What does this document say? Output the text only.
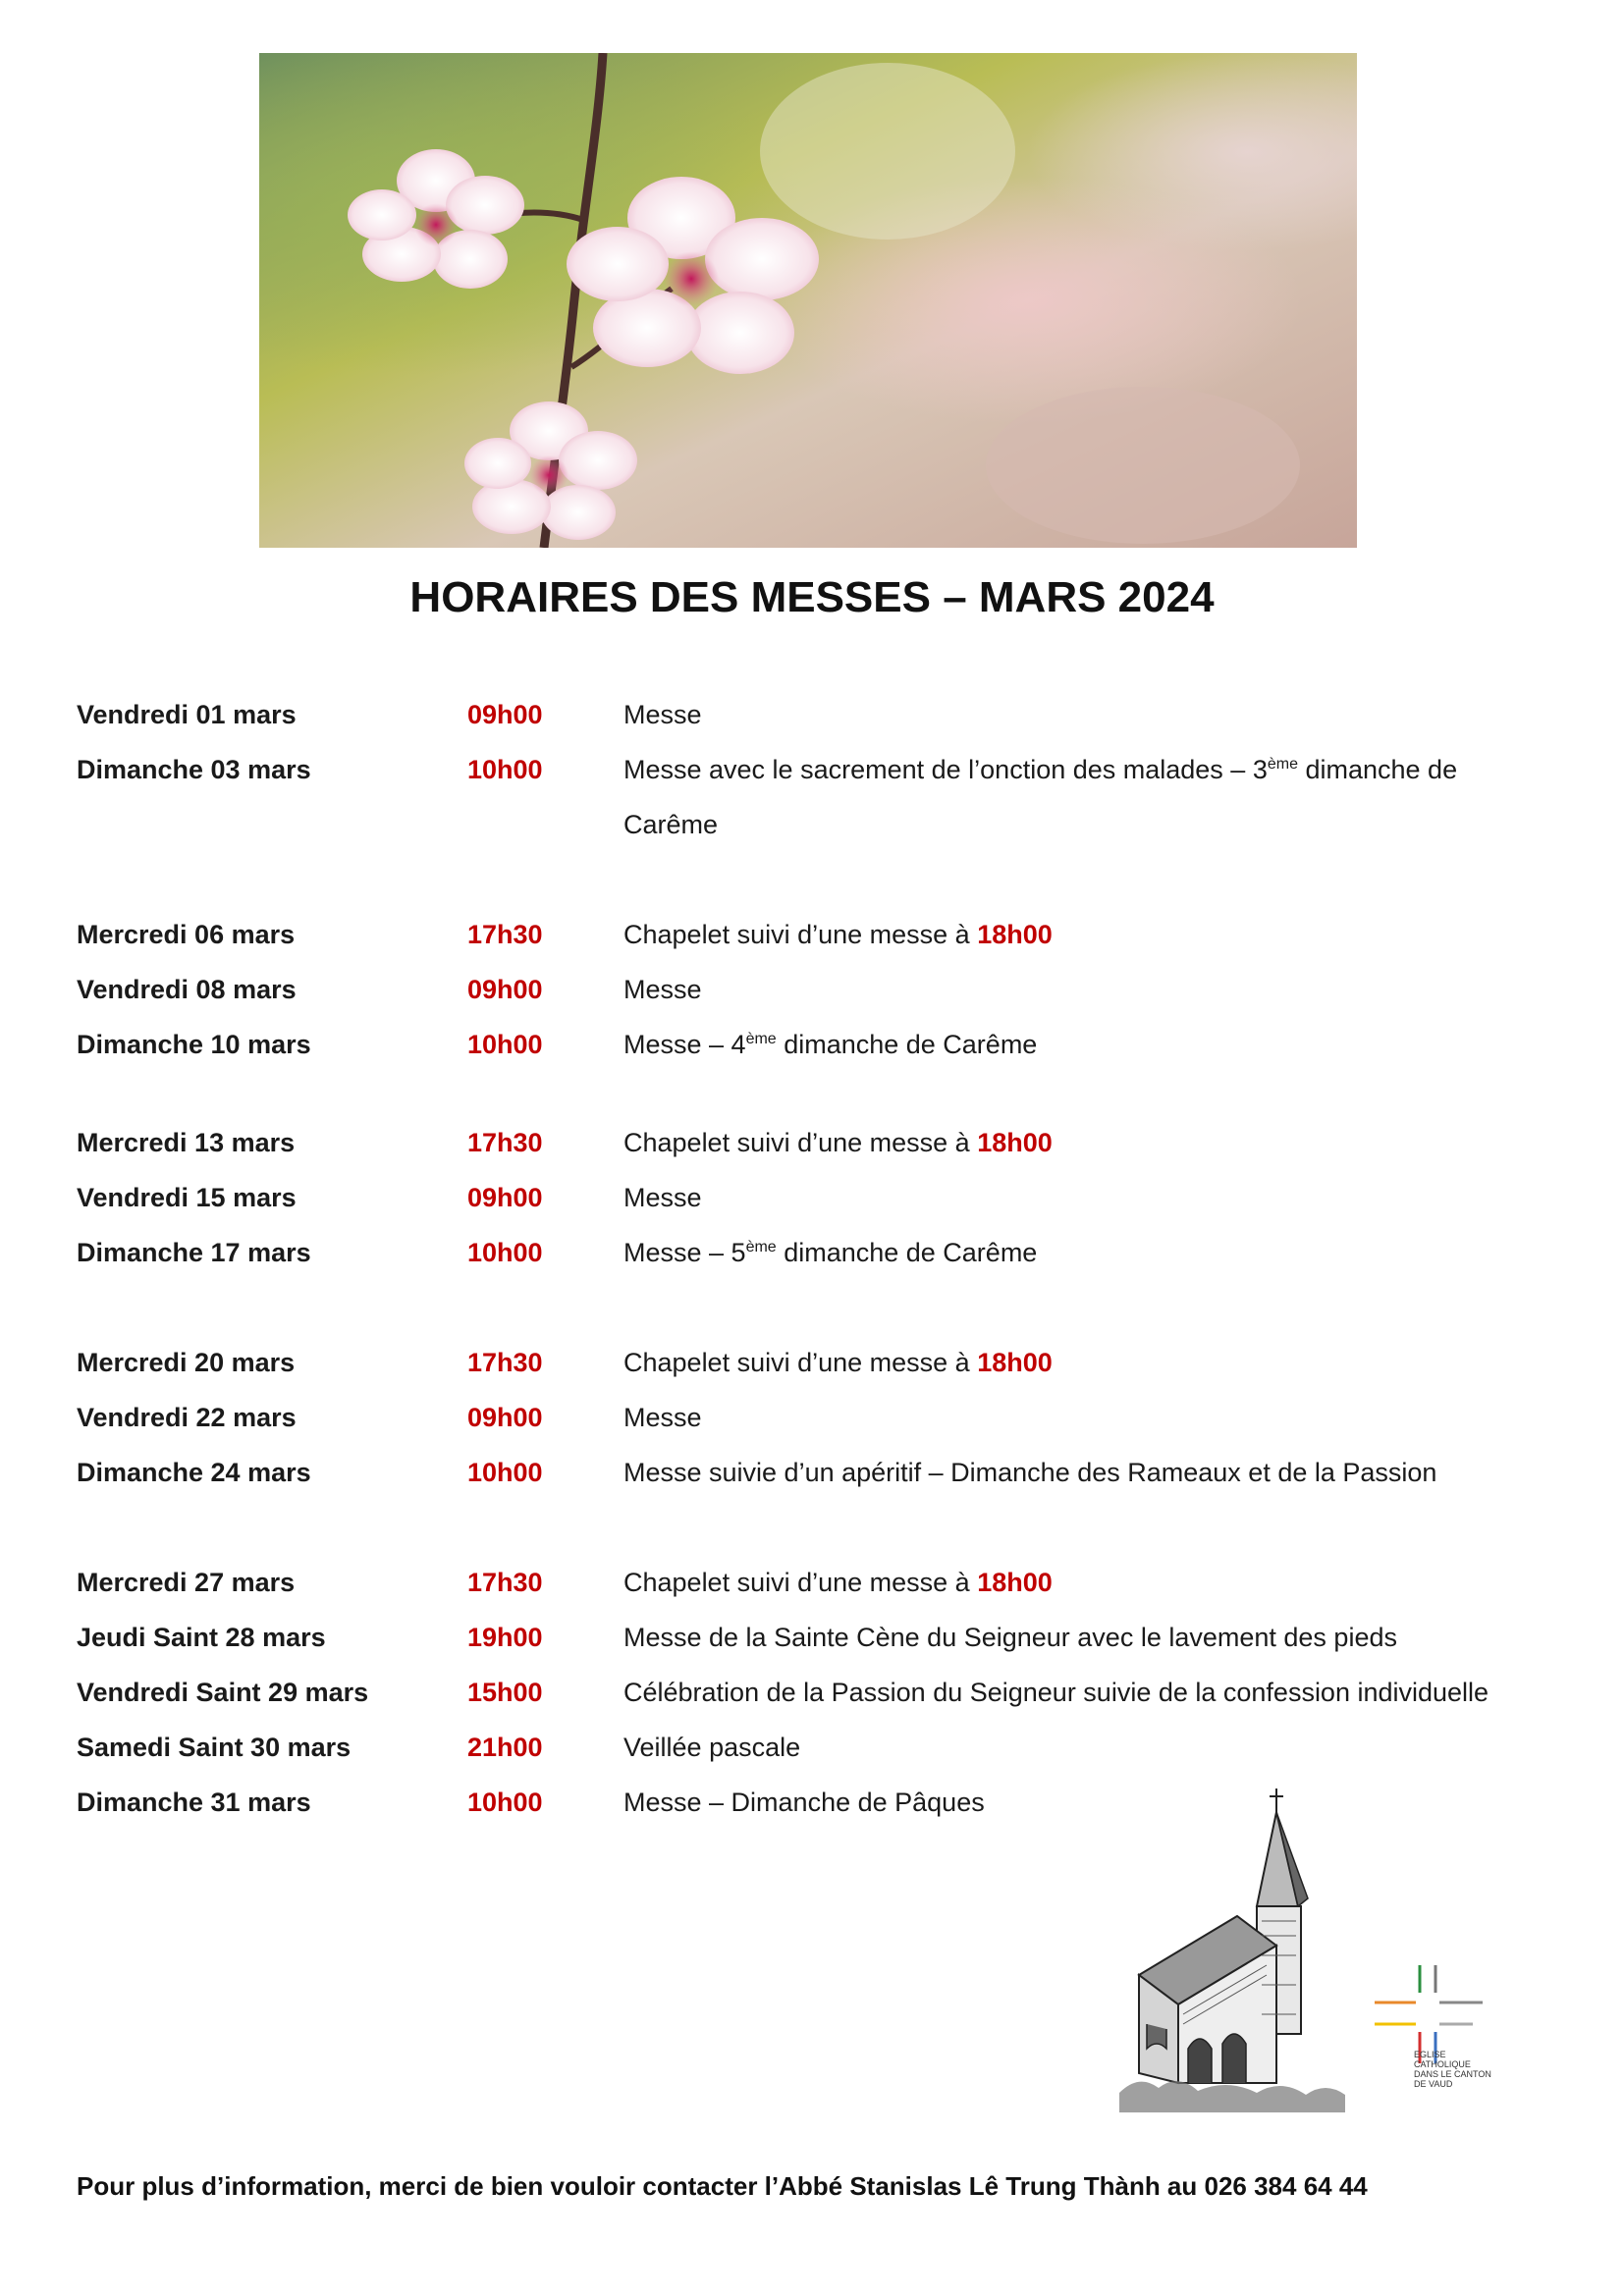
HORAIRES DES MESSES – MARS 2024
Vendredi 01 mars	09h00	Messe
Dimanche 03 mars	10h00	Messe avec le sacrement de l’onction des malades – 3ème dimanche de Carême
Mercredi 06 mars	17h30	Chapelet suivi d’une messe à 18h00
Vendredi 08 mars	09h00	Messe
Dimanche 10 mars	10h00	Messe – 4ème dimanche de Carême
Mercredi 13 mars	17h30	Chapelet suivi d’une messe à 18h00
Vendredi 15 mars	09h00	Messe
Dimanche 17 mars	10h00	Messe – 5ème dimanche de Carême
Mercredi 20 mars	17h30	Chapelet suivi d’une messe à 18h00
Vendredi 22 mars	09h00	Messe
Dimanche 24 mars	10h00	Messe suivie d’un apéritif – Dimanche des Rameaux et de la Passion
Mercredi 27 mars	17h30	Chapelet suivi d’une messe à 18h00
Jeudi Saint 28 mars	19h00	Messe de la Sainte Cène du Seigneur avec le lavement des pieds
Vendredi Saint 29 mars	15h00	Célébration de la Passion du Seigneur suivie de la confession individuelle
Samedi Saint 30 mars	21h00	Veillée pascale
Dimanche 31 mars	10h00	Messe – Dimanche de Pâques
EGLISE
CATHOLIQUE
DANS LE CANTON
DE VAUD
Pour plus d’information, merci de bien vouloir contacter l’Abbé Stanislas Lê Trung Thành au 026 384 64 44
